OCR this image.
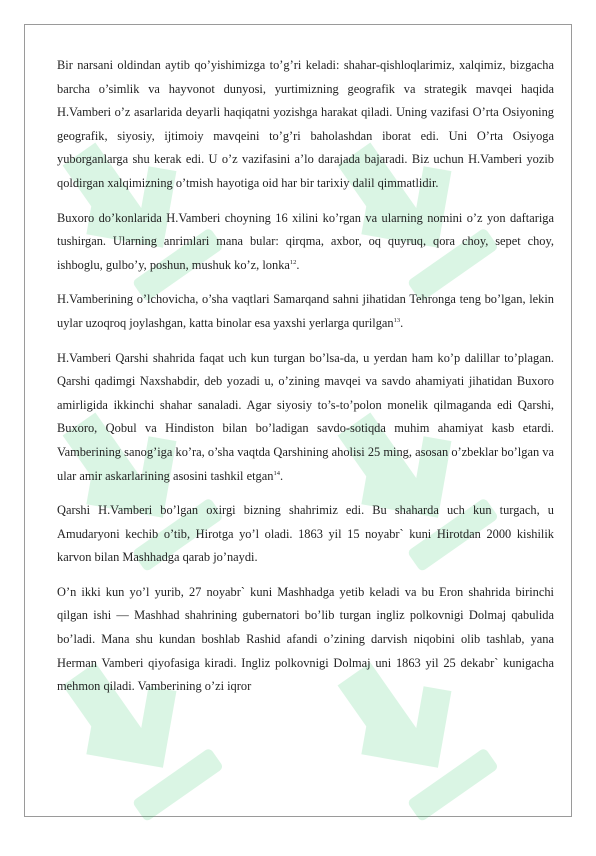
Bir narsani oldindan aytib qo’yishimizga to’g’ri keladi: shahar-qishloqlarimiz, xalqimiz, bizgacha barcha o’simlik va hayvonot dunyosi, yurtimizning geografik va strategik mavqei haqida H.Vamberi o’z asarlarida deyarli haqiqatni yozishga harakat qiladi. Uning vazifasi O’rta Osiyoning geografik, siyosiy, ijtimoiy mavqeini to’g’ri baholashdan iborat edi. Uni O’rta Osiyoga yuborganlarga shu kerak edi. U o’z vazifasini a’lo darajada bajaradi. Biz uchun H.Vamberi yozib qoldirgan xalqimizning o’tmish hayotiga oid har bir tarixiy dalil qimmatlidir.

Buxoro do’konlarida H.Vamberi choyning 16 xilini ko’rgan va ularning nomini o’z yon daftariga tushirgan. Ularning anrimlari mana bular: qirqma, axbor, oq quyruq, qora choy, sepet choy, ishboglu, gulbo’y, poshun, mushuk ko’z, lonka$^{12}$.

H.Vamberining o’lchovicha, o’sha vaqtlari Samarqand sahni jihatidan Tehronga teng bo’lgan, lekin uylar uzoqroq joylashgan, katta binolar esa yaxshi yerlarga qurilgan$^{13}$.

H.Vamberi Qarshi shahrida faqat uch kun turgan bo’lsa-da, u yerdan ham ko’p dalillar to’plagan. Qarshi qadimgi Naxshabdir, deb yozadi u, o’zining mavqei va savdo ahamiyati jihatidan Buxoro amirligida ikkinchi shahar sanaladi. Agar siyosiy to’s-to’polon monelik qilmaganda edi Qarshi, Buxoro, Qobul va Hindiston bilan bo’ladigan savdo-sotiqda muhim ahamiyat kasb etardi. Vamberining sanog’iga ko’ra, o’sha vaqtda Qarshining aholisi 25 ming, asosan o’zbeklar bo’lgan va ular amir askarlarining asosini tashkil etgan$^{14}$.

Qarshi H.Vamberi bo’lgan oxirgi bizning shahrimiz edi. Bu shaharda uch kun turgach, u Amudaryoni kechib o’tib, Hirotga yo’l oladi. 1863 yil 15 noyabr` kuni Hirotdan 2000 kishilik karvon bilan Mashhadga qarab jo’naydi.

O’n ikki kun yo’l yurib, 27 noyabr` kuni Mashhadga yetib keladi va bu Eron shahrida birinchi qilgan ishi — Mashhad shahrining gubernatori bo’lib turgan ingliz polkovnigi Dolmaj qabulida bo’ladi. Mana shu kundan boshlab Rashid afandi o’zining darvish niqobini olib tashlab, yana Herman Vamberi qiyofasiga kiradi. Ingliz polkovnigi Dolmaj uni 1863 yil 25 dekabr` kunigacha mehmon qiladi. Vamberining o’zi iqror
